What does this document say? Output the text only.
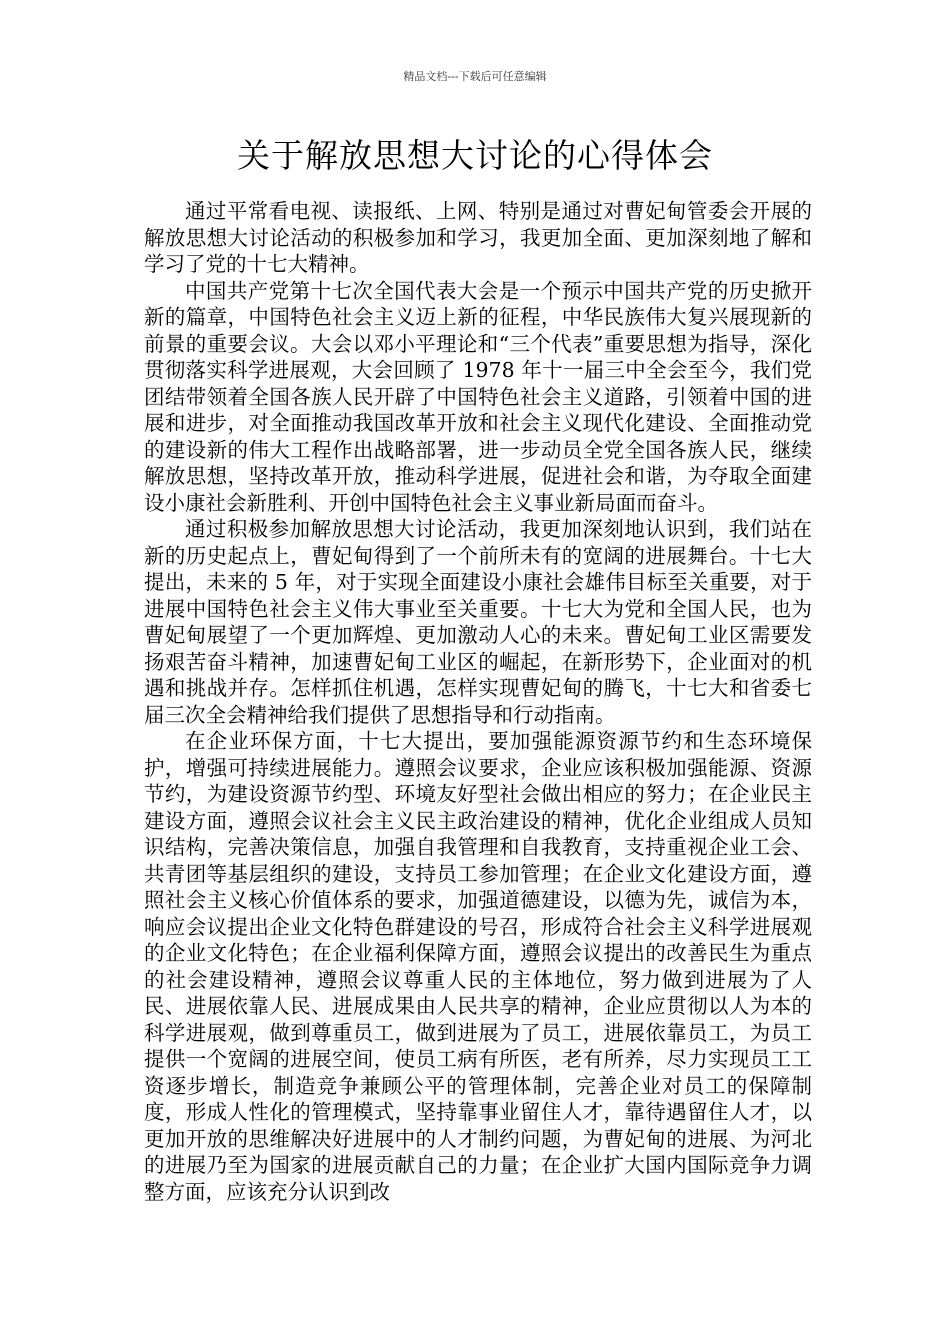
精品文档---下载后可任意编辑
关于解放思想大讨论的心得体会

通过平常看电视、读报纸、上网、特别是通过对曹妃甸管委会开展的解放思想大讨论活动的积极参加和学习，我更加全面、更加深刻地了解和学习了党的十七大精神。

中国共产党第十七次全国代表大会是一个预示中国共产党的历史掀开新的篇章，中国特色社会主义迈上新的征程，中华民族伟大复兴展现新的前景的重要会议。大会以邓小平理论和“三个代表”重要思想为指导，深化贯彻落实科学进展观，大会回顾了 1978 年十一届三中全会至今，我们党团结带领着全国各族人民开辟了中国特色社会主义道路，引领着中国的进展和进步，对全面推动我国改革开放和社会主义现代化建设、全面推动党的建设新的伟大工程作出战略部署，进一步动员全党全国各族人民，继续解放思想，坚持改革开放，推动科学进展，促进社会和谐，为夺取全面建设小康社会新胜利、开创中国特色社会主义事业新局面而奋斗。

通过积极参加解放思想大讨论活动，我更加深刻地认识到，我们站在新的历史起点上，曹妃甸得到了一个前所未有的宽阔的进展舞台。十七大提出，未来的 5 年，对于实现全面建设小康社会雄伟目标至关重要，对于进展中国特色社会主义伟大事业至关重要。十七大为党和全国人民，也为曹妃甸展望了一个更加辉煌、更加激动人心的未来。曹妃甸工业区需要发扬艰苦奋斗精神，加速曹妃甸工业区的崛起，在新形势下，企业面对的机遇和挑战并存。怎样抓住机遇，怎样实现曹妃甸的腾飞，十七大和省委七届三次全会精神给我们提供了思想指导和行动指南。

在企业环保方面，十七大提出，要加强能源资源节约和生态环境保护，增强可持续进展能力。遵照会议要求，企业应该积极加强能源、资源节约，为建设资源节约型、环境友好型社会做出相应的努力；在企业民主建设方面，遵照会议社会主义民主政治建设的精神，优化企业组成人员知识结构，完善决策信息，加强自我管理和自我教育，支持重视企业工会、共青团等基层组织的建设，支持员工参加管理；在企业文化建设方面，遵照社会主义核心价值体系的要求，加强道德建设，以德为先，诚信为本，响应会议提出企业文化特色群建设的号召，形成符合社会主义科学进展观的企业文化特色；在企业福利保障方面，遵照会议提出的改善民生为重点的社会建设精神，遵照会议尊重人民的主体地位，努力做到进展为了人民、进展依靠人民、进展成果由人民共享的精神，企业应贯彻以人为本的科学进展观，做到尊重员工，做到进展为了员工，进展依靠员工，为员工提供一个宽阔的进展空间，使员工病有所医，老有所养，尽力实现员工工资逐步增长，制造竞争兼顾公平的管理体制，完善企业对员工的保障制度，形成人性化的管理模式，坚持靠事业留住人才，靠待遇留住人才，以更加开放的思维解决好进展中的人才制约问题，为曹妃甸的进展、为河北的进展乃至为国家的进展贡献自己的力量；在企业扩大国内国际竞争力调整方面，应该充分认识到改
